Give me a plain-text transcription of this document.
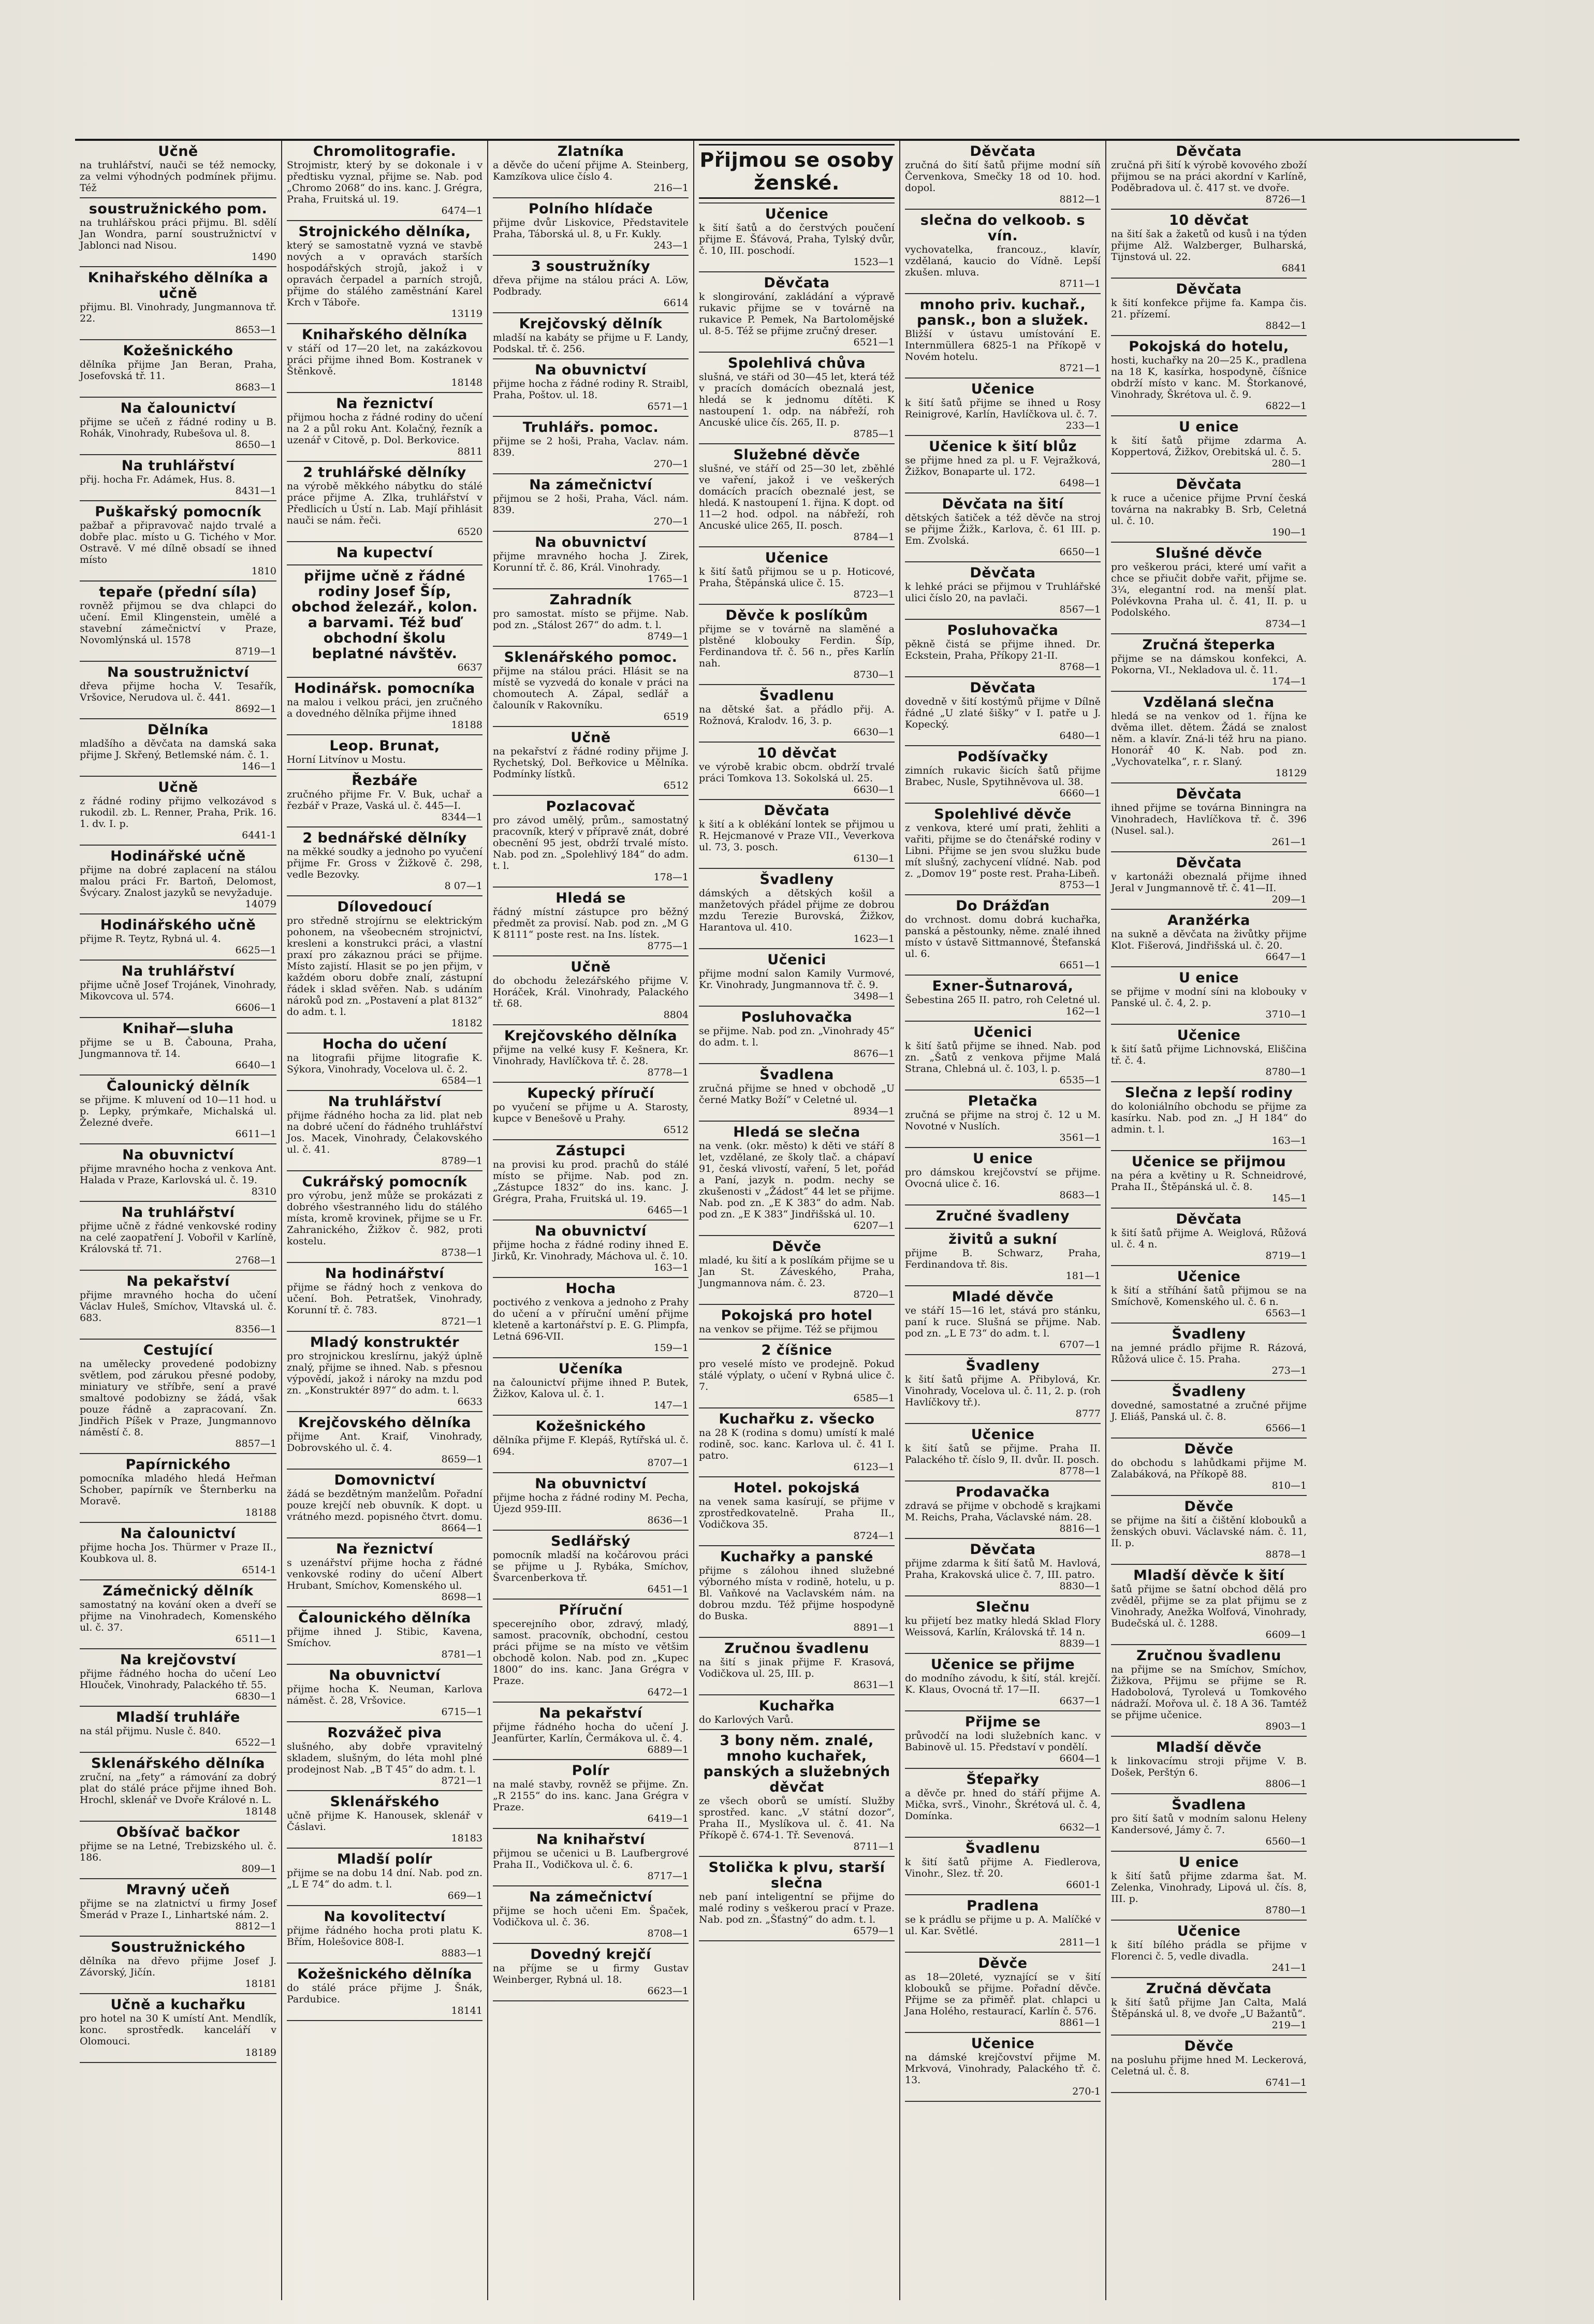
Učně

na truhlářství, nauči se též nemocky, za velmi výhodných podmínek přijmu. Též

soustružnického pom.

na truhlářskou práci přijmu. Bl. sdělí Jan Wondra, parní soustružnictví v Jablonci nad Nisou.

1490
Knihařského dělníka a učně

přijmu. Bl. Vinohrady, Jungmannova tř. 22.

8653—1
Kožešnického

dělníka přijme Jan Beran, Praha, Josefovská tř. 11.

8683—1
Na čalounictví

přijme se učeň z řádné rodiny u B. Rohák, Vinohrady, Rubešova ul. 8.

8650—1
Na truhlářství

přij. hocha Fr. Adámek, Hus. 8.

8431—1
Puškařský pomocník

pažbař a připravovač najdo trvalé a dobře plac. místo u G. Tichého v Mor. Ostravě. V mé dílně obsadí se ihned místo

1810
tepaře (přední síla)

rovněž přijmou se dva chlapci do učení. Emil Klingenstein, umělé a stavební zámečnictví v Praze, Novomlýnská ul. 1578

8719—1
Na soustružnictví

dřeva přijme hocha V. Tesařík, Vršovice, Nerudova ul. č. 441.

8692—1
Dělníka

mladšího a děvčata na damská saka přijme J. Skřený, Betlemské nám. č. 1.

146—1
Učně

z řádné rodiny přijmo velkozávod s rukodil. zb. L. Renner, Praha, Prik. 16. 1. dv. I. p.

6441-1
Hodinářské učně

přijme na dobré zaplacení na stálou malou práci Fr. Bartoň, Delomost, Švýcary. Znalost jazyků se nevyžaduje.

14079
Hodinářského učně

přijme R. Teytz, Rybná ul. 4.

6625—1
Na truhlářství

přijme učně Josef Trojánek, Vinohrady, Mikovcova ul. 574.

6606—1
Knihař—sluha

přijme se u B. Čabouna, Praha, Jungmannova tř. 14.

6640—1
Čalounický dělník

se přijme. K mluvení od 10—11 hod. u p. Lepky, prýmkaře, Michalská ul. Železné dveře.

6611—1
Na obuvnictví

přijme mravného hocha z venkova Ant. Halada v Praze, Karlovská ul. č. 19.

8310
Na truhlářství

přijme učně z řádné venkovské rodiny na celé zaopatření J. Vobořil v Karlíně, Královská tř. 71.

2768—1
Na pekařství

přijme mravného hocha do učení Václav Huleš, Smíchov, Vltavská ul. č. 683.

8356—1
Cestující

na umělecky provedené podobizny světlem, pod zárukou přesné podoby, miniatury ve stříbře, sení a pravé smaltové podobizny se žádá, však pouze řádně a zapracovaní. Zn. Jindřich Píšek v Praze, Jungmannovo náměstí č. 8.

8857—1
Papírnického

pomocníka mladého hledá Heřman Schober, papírník ve Šternberku na Moravě.

18188
Na čalounictví

přijme hocha Jos. Thürmer v Praze II., Koubkova ul. 8.

6514-1
Zámečnický dělník

samostatný na kování oken a dveří se přijme na Vinohradech, Komenského ul. č. 37.

6511—1
Na krejčovství

přijme řádného hocha do učení Leo Hlouček, Vinohrady, Palackého tř. 55.

6830—1
Mladší truhláře

na stál přijmu. Nusle č. 840.

6522—1
Sklenářského dělníka

zruční, na „fety“ a rámování za dobrý plat do stálé práce přijme ihned Boh. Hrochl, sklenář ve Dvoře Králové n. L.

18148
Obšívač bačkor

přijme se na Letné, Trebizského ul. č. 186.

809—1
Mravný učeň

přijme se na zlatnictví u firmy Josef Šmerád v Praze I., Linhartské nám. 2.

8812—1
Soustružnického

dělníka na dřevo přijme Josef J. Závorský, Jičín.

18181
Učně a kuchařku

pro hotel na 30 K umístí Ant. Mendlík, konc. sprostředk. kanceláří v Olomouci.

18189
Chromolitografie.

Strojmistr, který by se dokonale i v předtisku vyznal, přijme se. Nab. pod „Chromo 2068“ do ins. kanc. J. Grégra, Praha, Fruitská ul. 19.

6474—1
Strojnického dělníka,

který se samostatně vyzná ve stavbě nových a v opravách starších hospodářských strojů, jakož i v opravách čerpadel a parních strojů, přijme do stálého zaměstnání Karel Krch v Táboře.

13119
Knihařského dělníka

v stáří od 17—20 let, na zakázkovou práci přijme ihned Bom. Kostranek v Štěnkově.

18148
Na řeznictví

přijmou hocha z řádné rodiny do učení na 2 a půl roku Ant. Kolačný, řezník a uzenář v Citově, p. Dol. Berkovice.

8811
2 truhlářské dělníky

na výrobě měkkého nábytku do stálé práce přijme A. Zlka, truhlářství v Předlicích u Ústí n. Lab. Mají přihlásit nauči se nám. řeči.

6520
Na kupectví
přijme učně z řádné rodiny Josef Šíp, obchod železář., kolon. a barvami. Též buď obchodní školu beplatné návštěv.
6637
Hodinářsk. pomocníka

na malou i velkou práci, jen zručného a dovedného dělníka přijme ihned

18188
Leop. Brunat,

Horní Litvínov u Mostu.

Řezbáře

zručného přijme Fr. V. Buk, uchař a řezbář v Praze, Vaská ul. č. 445—I.

8344—1
2 bednářské dělníky

na měkké soudky a jednoho po vyučení přijme Fr. Gross v Žižkově č. 298, vedle Bezovky.

8 07—1
Dílovedoucí

pro středně strojírnu se elektrickým pohonem, na všeobecném strojnictví, kresleni a konstrukci práci, a vlastní praxí pro zákaznou práci se přijme. Místo zajistí. Hlasit se po jen přijm, v každém oboru dobře znalí, zástupní řádek i sklad svěřen. Nab. s udáním nároků pod zn. „Postavení a plat 8132“ do adm. t. l.

18182
Hocha do učení

na litografii přijme litografie K. Sýkora, Vinohrady, Vocelova ul. č. 2.

6584—1
Na truhlářství

přijme řádného hocha za lid. plat neb na dobré učení do řádného truhlářství Jos. Macek, Vinohrady, Čelakovského ul. č. 41.

8789—1
Cukrářský pomocník

pro výrobu, jenž může se prokázati z dobrého všestranného lidu do stálého místa, kromě krovinek, přijme se u Fr. Zahranického, Žižkov č. 982, proti kostelu.

8738—1
Na hodinářství

přijme se řádný hoch z venkova do učení. Boh. Petratšek, Vinohrady, Korunní tř. č. 783.

8721—1
Mladý konstruktér

pro strojnickou kreslírnu, jakýž úplně znalý, přijme se ihned. Nab. s přesnou výpovědí, jakož i nároky na mzdu pod zn. „Konstruktér 897“ do adm. t. l.

6633
Krejčovského dělníka

přijme Ant. Kraif, Vinohrady, Dobrovského ul. č. 4.

8659—1
Domovnictví

žádá se bezdětným manželům. Pořadní pouze krejčí neb obuvník. K dopt. u vrátného mezd. popisného čtvrt. domu.

8664—1
Na řeznictví

s uzenářství přijme hocha z řádné venkovské rodiny do učení Albert Hrubant, Smíchov, Komenského ul.

8698—1
Čalounického dělníka

přijme ihned J. Stibic, Kavena, Smíchov.

8781—1
Na obuvnictví

přijme hocha K. Neuman, Karlova náměst. č. 28, Vršovice.

6715—1
Rozvážeč piva

slušného, aby dobře vpravitelný skladem, slušným, do léta mohl plné prodejnost Nab. „B T 45“ do adm. t. l.

8721—1
Sklenářského

učně přijme K. Hanousek, sklenář v Čáslavi.

18183
Mladší polír

přijme se na dobu 14 dní. Nab. pod zn. „L E 74“ do adm. t. l.

669—1
Na kovolitectví

přijme řádného hocha proti platu K. Břím, Holešovice 808-I.

8883—1
Kožešnického dělníka

do stálé práce přijme J. Šnák, Pardubice.

18141
Zlatníka

a děvče do učení přijme A. Steinberg, Kamzíkova ulice číslo 4.

216—1
Polního hlídače

přijme dvůr Liskovice, Představitele Praha, Táborská ul. 8, u Fr. Kukly.

243—1
3 soustružníky

dřeva přijme na stálou práci A. Löw, Podbrady.

6614
Krejčovský dělník

mladší na kabáty se přijme u F. Landy, Podskal. tř. č. 256.

Na obuvnictví

přijme hocha z řádné rodiny R. Straibl, Praha, Poštov. ul. 18.

6571—1
Truhlářs. pomoc.

přijme se 2 hoši, Praha, Vaclav. nám. 839.

270—1
Na zámečnictví

přijmou se 2 hoši, Praha, Václ. nám. 839.

270—1
Na obuvnictví

přijme mravného hocha J. Zirek, Korunní tř. č. 86, Král. Vinohrady.

1765—1
Zahradník

pro samostat. místo se přijme. Nab. pod zn. „Stálost 267“ do adm. t. l.

8749—1
Sklenářského pomoc.

přijme na stálou práci. Hlásit se na místě se vyzvedá do konale v práci na chomoutech A. Zápal, sedlář a čalouník v Rakovníku.

6519
Učně

na pekařství z řádné rodiny přijme J. Rychetský, Dol. Beřkovice u Mělníka. Podmínky lístků.

6512
Pozlacovač

pro závod umělý, prům., samostatný pracovník, který v přípravě znát, dobré obecnění 95 jest, obdrží trvalé místo. Nab. pod zn. „Spolehlivý 184“ do adm. t. l.

178—1
Hledá se

řádný místní zástupce pro běžný předmět za provisí. Nab. pod zn. „M G K 8111“ poste rest. na Ins. lístek.

8775—1
Učně

do obchodu železářského přijme V. Horáček, Král. Vinohrady, Palackého tř. 68.

8804
Krejčovského dělníka

přijme na velké kusy F. Kešnera, Kr. Vinohrady, Havlíčkova tř. č. 28.

8778—1
Kupecký příručí

po vyučení se přijme u A. Starosty, kupce v Benešově u Prahy.

6512
Zástupci

na provisi ku prod. prachů do stálé místo se přijme. Nab. pod zn. „Zástupce 1832“ do ins. kanc. J. Grégra, Praha, Fruitská ul. 19.

6465—1
Na obuvnictví

přijme hocha z řádné rodiny ihned E. Jirků, Kr. Vinohrady, Máchova ul. č. 10.

163—1
Hocha

poctivého z venkova a jednoho z Prahy do učení a v příruční umění přijme kleteně a kartonářství p. E. G. Plimpfa, Letná 696-VII.

159—1
Učeníka

na čalounictví přijme ihned P. Butek, Žižkov, Kalova ul. č. 1.

147—1
Kožešnického

dělníka přijme F. Klepáš, Rytířská ul. č. 694.

8707—1
Na obuvnictví

přijme hocha z řádné rodiny M. Pecha, Újezd 959-III.

8636—1
Sedlářský

pomocník mladší na kočárovou práci se přijme u J. Rybáka, Smíchov, Švarcenberkova tř.

6451—1
Příruční

specerejního obor, zdravý, mladý, samost. pracovník, obchodní, cestou práci přijme se na místo ve většim obchodě kolon. Nab. pod zn. „Kupec 1800“ do ins. kanc. Jana Grégra v Praze.

6472—1
Na pekařství

přijme řádného hocha do učení J. Jeanfürter, Karlín, Čermákova ul. č. 4.

6889—1
Polír

na malé stavby, rovněž se přijme. Zn. „R 2155“ do ins. kanc. Jana Grégra v Praze.

6419—1
Na knihařství

přijmou se učenici u B. Laufbergrové Praha II., Vodičkova ul. č. 6.

8717—1
Na zámečnictví

přijme se hoch učeni Em. Špaček, Vodičkova ul. č. 36.

8708—1
Dovedný krejčí

na příjme se u firmy Gustav Weinberger, Rybná ul. 18.

6623—1
Přijmou se osoby ženské.
Učenice

k šití šatů a do čerstvých poučení přijme E. Šťávová, Praha, Tylský dvůr, č. 10, III. poschodí.

1523—1
Děvčata

k slongirování, zakládání a výpravě rukavic přijme se v továrně na rukavice P. Pemek, Na Bartolomějské ul. 8-5. Též se přijme zručný dreser.

6521—1
Spolehlivá chůva

slušná, ve stáři od 30—45 let, která též v pracích domácích obeznalá jest, hledá se k jednomu dítěti. K nastoupení 1. odp. na nábřeží, roh Ancuské ulice čís. 265, II. p.

8785—1
Služebné děvče

slušné, ve stáří od 25—30 let, zběhlé ve vaření, jakož i ve veškerých domácích pracích obeznalé jest, se hledá. K nastoupení 1. řijna. K dopt. od 11—2 hod. odpol. na nábřeží, roh Ancuské ulice 265, II. posch.

8784—1
Učenice

k šití šatů přijmou se u p. Hoticové, Praha, Štěpánská ulice č. 15.

8723—1
Děvče k poslíkům

přijme se v továrně na slaměné a plstěné klobouky Ferdin. Šíp, Ferdinandova tř. č. 56 n., přes Karlín nah.

8730—1
Švadlenu

na dětské šat. a přádlo přij. A. Rožnová, Kralodv. 16, 3. p.

6630—1
10 děvčat

ve výrobě krabic obcm. obdrží trvalé práci Tomkova 13. Sokolská ul. 25.

6630—1
Děvčata

k šití a k oblékání lontek se přijmou u R. Hejcmanové v Praze VII., Veverkova ul. 73, 3. posch.

6130—1
Švadleny

dámských a dětských košil a manžetových přádel přijme ze dobrou mzdu Terezie Burovská, Žižkov, Harantova ul. 410.

1623—1
Učenici

přijme modní salon Kamily Vurmové, Kr. Vinohrady, Jungmannova tř. č. 9.

3498—1
Posluhovačka

se přijme. Nab. pod zn. „Vinohrady 45“ do adm. t. l.

8676—1
Švadlena

zručná přijme se hned v obchodě „U černé Matky Boží“ v Celetné ul.

8934—1
Hledá se slečna

na venk. (okr. město) k děti ve stáří 8 let, vzdělané, ze školy tlač. a chápaví 91, česká vlivostí, vaření, 5 let, pořád a Paní, jazyk n. podm. nechy se zkušenosti v „Žádost“ 44 let se přijme. Nab. pod zn. „E K 383“ do adm. Nab. pod zn. „E K 383“ Jindřišská ul. 10.

6207—1
Děvče

mladé, ku šití a k poslíkám přijme se u Jan St. Záveského, Praha, Jungmannova nám. č. 23.

8720—1
Pokojská pro hotel

na venkov se přijme. Též se přijmou

2 číšnice

pro veselé místo ve prodejně. Pokud stálé výplaty, o učení v Rybná ulice č. 7.

6585—1
Kuchařku z. všecko

na 28 K (rodina s domu) umístí k malé rodině, soc. kanc. Karlova ul. č. 41 I. patro.

6123—1
Hotel. pokojská

na venek sama kasírují, se přijme v zprostředkovatelně. Praha II., Vodičkova 35.

8724—1
Kuchařky a panské

přijme s zálohou ihned služebné výborného místa v rodině, hotelu, u p. Bl. Vaňkové na Vaclavském nám. na dobrou mzdu. Též přijme hospodyně do Buska.

8891—1
Zručnou švadlenu

na šití s jinak přijme F. Krasová, Vodičkova ul. 25, III. p.

8631—1
Kuchařka

do Karlových Varů.

3 bony něm. znalé, mnoho kuchařek, panských a služebných děvčat

ze všech oborů se umístí. Služby sprostřed. kanc. „V státní dozor“, Praha II., Myslíkova ul. č. 41. Na Příkopě č. 674-1. Tř. Sevenová.

8711—1
Stolička k plvu, starší slečna

neb paní inteligentní se přijme do malé rodiny s veškerou prací v Praze. Nab. pod zn. „Šťastný“ do adm. t. l.

6579—1
Děvčata

zručná do šití šatů přijme modní síň Červenkova, Smečky 18 od 10. hod. dopol.

8812—1
slečna do velkoob. s vín.

vychovatelka, francouz., klavír, vzdělaná, kaucio do Vídně. Lepší zkušen. mluva.

8711—1
mnoho priv. kuchař., pansk., bon a služek.

Bližší v ústavu umístování E. Internmüllera 6825-1 na Příkopě v Novém hotelu.

8721—1
Učenice

k šití šatů přijme se ihned u Rosy Reinigrové, Karlín, Havlíčkova ul. č. 7.

233—1
Učenice k šití blůz

se přijme hned za pl. u F. Vejražková, Žižkov, Bonaparte ul. 172.

6498—1
Děvčata na šití

dětských šatiček a též děvče na stroj se přijme Žižk., Karlova, č. 61 III. p. Em. Zvolská.

6650—1
Děvčata

k lehké práci se přijmou v Truhlářské ulici číslo 20, na pavlači.

8567—1
Posluhovačka

pěkně čistá se přijme ihned. Dr. Eckstein, Praha, Příkopy 21-II.

8768—1
Děvčata

dovedně v šití kostýmů přijme v Dílně řádné „U zlaté šišky“ v I. patře u J. Kopecký.

6480—1
Podšívačky

zimních rukavic šicích šatů přijme Brabec, Nusle, Spytihněvova ul. 38.

6660—1
Spolehlivé děvče

z venkova, které umí prati, žehliti a vařiti, přijme se do čtenářské rodiny v Libni. Přijme se jen svou služku bude mít slušný, zachycení vlídné. Nab. pod z. „Domov 19“ poste rest. Praha-Libeň.

8753—1
Do Drážďan

do vrchnost. domu dobrá kuchařka, panská a pěstounky, něme. znalé ihned místo v ústavě Sittmannové, Štefanská ul. 6.

6651—1
Exner-Šutnarová,

Šebestina 265 II. patro, roh Celetné ul.

162—1
Učenici

k šití šatů přijme se ihned. Nab. pod zn. „Šatů z venkova přijme Malá Strana, Chlebná ul. č. 103, l. p.

6535—1
Pletačka

zručná se přijme na stroj č. 12 u M. Novotné v Nuslích.

3561—1
U enice

pro dámskou krejčovství se přijme. Ovocná ulice č. 16.

8683—1
Zručné švadleny
živitů a sukní

přijme B. Schwarz, Praha, Ferdinandova tř. 8is.

181—1
Mladé děvče

ve stáří 15—16 let, stává pro stánku, paní k ruce. Slušná se přijme. Nab. pod zn. „L E 73“ do adm. t. l.

6707—1
Švadleny

k šití šatů přijme A. Přibylová, Kr. Vinohrady, Vocelova ul. č. 11, 2. p. (roh Havlíčkovy tř.).

8777
Učenice

k šití šatů se přijme. Praha II. Palackého tř. číslo 9, II. dvůr. II. posch.

8778—1
Prodavačka

zdravá se přijme v obchodě s krajkami M. Reichs, Praha, Václavské nám. 28.

8816—1
Děvčata

přijme zdarma k šití šatů M. Havlová, Praha, Krakovská ulice č. 7, III. patro.

8830—1
Slečnu

ku přijetí bez matky hledá Sklad Flory Weissová, Karlín, Královská tř. 14 n.

8839—1
Učenice se přijme

do modního závodu, k šití, stál. krejčí. K. Klaus, Ovocná tř. 17—II.

6637—1
Přijme se

průvodčí na lodi služebních kanc. v Babinově ul. 15. Představí v pondělí.

6604—1
Šťepařky

a děvče pr. hned do stáří přijme A. Mička, svrš., Vinohr., Škrétová ul. č. 4, Domínka.

6632—1
Švadlenu

k šití šatů přijme A. Fiedlerova, Vinohr., Slez. tř. 20.

6601-1
Pradlena

se k prádlu se přijme u p. A. Malíčké v ul. Kar. Světlé.

2811—1
Děvče

as 18—20leté, vyznající se v šití klobouků se přijme. Pořadní děvče. Přijme se za přiměř. plat. chlapci u Jana Holého, restaurací, Karlín č. 576.

8861—1
Učenice

na dámské krejčovství přijme M. Mrkvová, Vinohrady, Palackého tř. č. 13.

270-1
Děvčata

zručná při šití k výrobě kovového zboží přijmou se na práci akordní v Karlíně, Poděbradova ul. č. 417 st. ve dvoře.

8726—1
10 děvčat

na šití šak a žaketů od kusů i na týden přijme Alž. Walzberger, Bulharská, Tijnstová ul. 22.

6841
Děvčata

k šití konfekce přijme fa. Kampa čis. 21. přízemí.

8842—1
Pokojská do hotelu,

hosti, kuchařky na 20—25 K., pradlena na 18 K, kasírka, hospodyně, číšnice obdrží místo v kanc. M. Štorkanové, Vinohrady, Škrétova ul. č. 9.

6822—1
U enice

k šití šatů přijme zdarma A. Koppertová, Žižkov, Orebitská ul. č. 5.

280—1
Děvčata

k ruce a učenice přijme První česká továrna na nakrabky B. Srb, Celetná ul. č. 10.

190—1
Slušné děvče

pro veškerou práci, které umí vařit a chce se přiučit dobře vařit, přijme se. 3¼, elegantní rod. na menší plat. Polévkovna Praha ul. č. 41, II. p. u Podolského.

8734—1
Zručná šteperka

přijme se na dámskou konfekci, A. Pokorna, VI., Nekladova ul. č. 11.

174—1
Vzdělaná slečna

hledá se na venkov od 1. října ke dvěma illet. dětem. Žádá se znalost něm. a klavír. Zná-li též hru na piano. Honorář 40 K. Nab. pod zn. „Vychovatelka“, r. r. Slaný.

18129
Děvčata

ihned přijme se továrna Binningra na Vinohradech, Havlíčkova tř. č. 396 (Nusel. sal.).

261—1
Děvčata

v kartonáži obeznalá přijme ihned Jeral v Jungmannově tř. č. 41—II.

209—1
Aranžérka

na sukně a děvčata na živůtky přijme Klot. Fišerová, Jindřišská ul. č. 20.

6647—1
U enice

se přijme v modní síni na klobouky v Panské ul. č. 4, 2. p.

3710—1
Učenice

k šití šatů přijme Lichnovská, Eliščina tř. č. 4.

8780—1
Slečna z lepší rodiny

do koloniálního obchodu se přijme za kasírku. Nab. pod zn. „J H 184“ do admin. t. l.

163—1
Učenice se přijmou

na péra a květiny u R. Schneidrové, Praha II., Štěpánská ul. č. 8.

145—1
Děvčata

k šití šatů přijme A. Weiglová, Růžová ul. č. 4 n.

8719—1
Učenice

k šití a stříhání šatů přijmou se na Smíchově, Komenského ul. č. 6 n.

6563—1
Švadleny

na jemné prádlo přijme R. Rázová, Růžová ulice č. 15. Praha.

273—1
Švadleny

dovedné, samostatné a zručné přijme J. Eliáš, Panská ul. č. 8.

6566—1
Děvče

do obchodu s lahůdkami přijme M. Zalabáková, na Příkopě 88.

810—1
Děvče

se přijme na šití a čištění klobouků a ženských obuvi. Václavské nám. č. 11, II. p.

8878—1
Mladší děvče k šití

šatů přijme se šatní obchod dělá pro zvěděl, přijme se za plat přijmu se z Vinohrady, Anežka Wolfová, Vinohrady, Budečská ul. č. 1288.

6609—1
Zručnou švadlenu

na přijme se na Smíchov, Smíchov, Žižkova, Přijmu se přijme se R. Hadobolová, Tyrolevá u Tomkového nádraží. Mořova ul. č. 18 A 36. Tamtéž se přijme učenice.

8903—1
Mladší děvče

k linkovacímu stroji přijme V. B. Došek, Perštýn 6.

8806—1
Švadlena

pro šití šatů v modním salonu Heleny Kandersové, Jámy č. 7.

6560—1
U enice

k šití šatů přijme zdarma šat. M. Zelenka, Vinohrady, Lipová ul. čís. 8, III. p.

8780—1
Učenice

k šití bílého prádla se přijme v Florenci č. 5, vedle divadla.

241—1
Zručná děvčata

k šití šatů přijme Jan Calta, Malá Štěpánská ul. 8, ve dvoře „U Bažantů“.

219—1
Děvče

na posluhu přijme hned M. Leckerová, Celetná ul. č. 8.

6741—1
